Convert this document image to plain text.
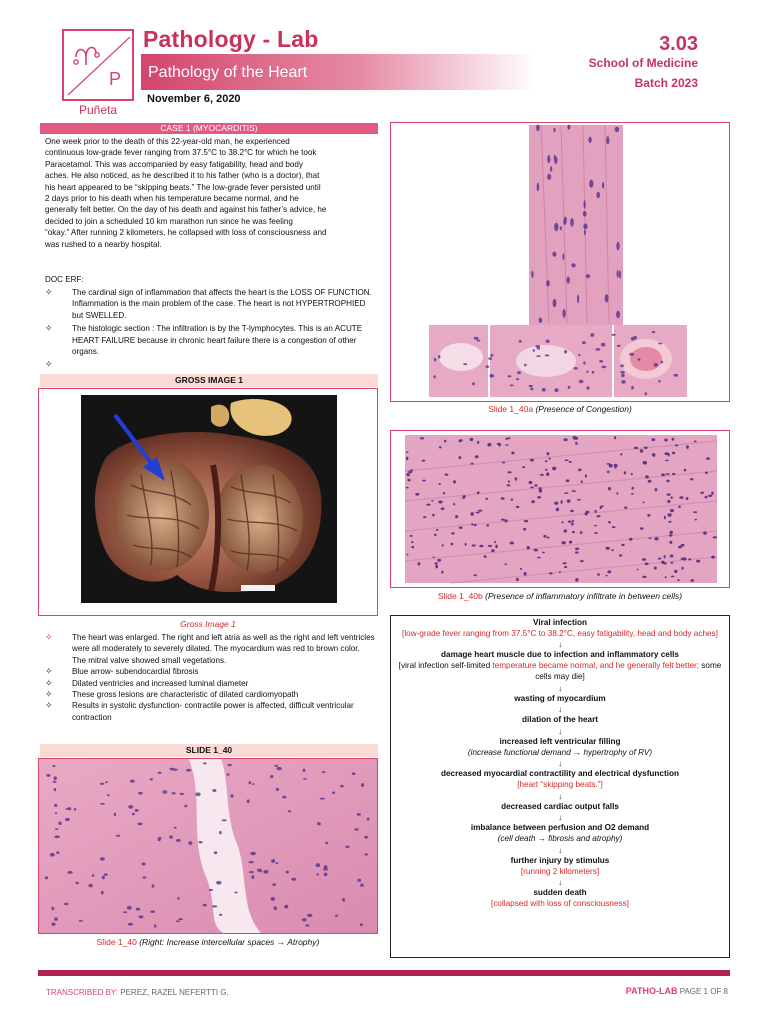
P
Puñeta
Pathology - Lab
Pathology of the Heart
November 6, 2020
3.03
School of Medicine
Batch 2023
CASE 1 (MYOCARDITIS)
One week prior to the death of this 22-year-old man, he experienced
continuous low-grade fever ranging from 37.5°C to 38.2°C for which he took
Paracetamol. This was accompanied by easy fatigability, head and body
aches. He also noticed, as he described it to his father (who is a doctor), that
his heart appeared to be “skipping beats.” The low-grade fever persisted until
2 days prior to his death when his temperature became normal, and he
generally felt better. On the day of his death and against his father’s advice, he
decided to join a scheduled 10 km marathon run since he was feeling
“okay.” After running 2 kilometers, he collapsed with loss of consciousness and
was rushed to a nearby hospital.
DOC ERF:
✧ The cardinal sign of inflammation that affects the heart is the LOSS OF FUNCTION. Inflammation is the main problem of the case. The heart is not HYPERTROPHIED but SWELLED.
✧ The histologic section : The infiltration is by the T-lymphocytes. This is an ACUTE HEART FAILURE because in chronic heart failure there is a congestion of other organs.
✧
GROSS IMAGE 1
Gross Image 1
✧ The heart was enlarged. The right and left atria as well as the right and left ventricles were all moderately to severely dilated. The myocardium was red to brown color. The mitral valve showed small vegetations.
✧ Blue arrow- subendocardial fibrosis
✧ Dilated ventricles and increased luminal diameter
✧ These gross lesions are characteristic of dilated cardiomyopath
✧ Results in systolic dysfunction- contractile power is affected, difficult ventricular contraction
SLIDE 1_40
Slide 1_40 (Right: Increase intercellular spaces → Atrophy)
Slide 1_40a (Presence of Congestion)
Slide 1_40b (Presence of inflammatory infiltrate in between cells)
Viral infection
[low-grade fever ranging from 37.5°C to 38.2°C, easy fatigability, head and body aches]
↓
damage heart muscle due to infection and inflammatory cells
[viral infection self-limited temperature became normal, and he generally felt better; some cells may die]
↓
wasting of myocardium
↓
dilation of the heart
↓
increased left ventricular filling
(increase functional demand → hypertrophy of RV)
↓
decreased myocardial contractility and electrical dysfunction
[heart “skipping beats.”]
↓
decreased cardiac output falls
↓
imbalance between perfusion and O2 demand
(cell death → fibrosis and atrophy)
↓
further injury by stimulus
[running 2 kilometers]
↓
sudden death
[collapsed with loss of consciousness]
TRANSCRIBED BY: PEREZ, RAZEL NEFERTTI G.	PATHO-LAB PAGE 1 OF 8
